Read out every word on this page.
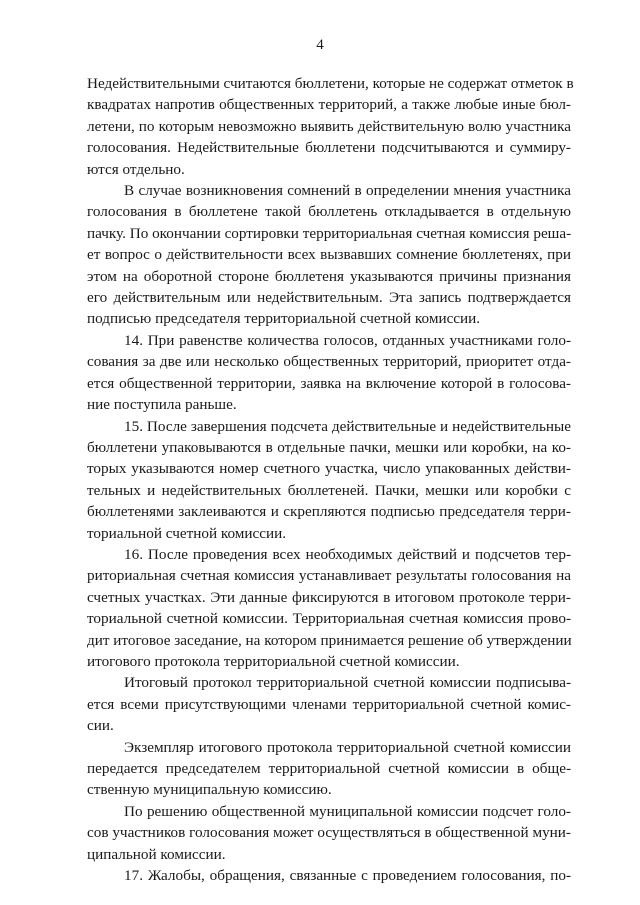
4
Недействительными считаются бюллетени, которые не содержат отметок в
квадратах напротив общественных территорий, а также любые иные бюл-
летени, по которым невозможно выявить действительную волю участника
голосования. Недействительные бюллетени подсчитываются и суммиру-
ются отдельно.
В случае возникновения сомнений в определении мнения участника
голосования в бюллетене такой бюллетень откладывается в отдельную
пачку. По окончании сортировки территориальная счетная комиссия реша-
ет вопрос о действительности всех вызвавших сомнение бюллетенях, при
этом на оборотной стороне бюллетеня указываются причины признания
его действительным или недействительным. Эта запись подтверждается
подписью председателя территориальной счетной комиссии.
14. При равенстве количества голосов, отданных участниками голо-
сования за две или несколько общественных территорий, приоритет отда-
ется общественной территории, заявка на включение которой в голосова-
ние поступила раньше.
15. После завершения подсчета действительные и недействительные
бюллетени упаковываются в отдельные пачки, мешки или коробки, на ко-
торых указываются номер счетного участка, число упакованных действи-
тельных и недействительных бюллетеней. Пачки, мешки или коробки с
бюллетенями заклеиваются и скрепляются подписью председателя терри-
ториальной счетной комиссии.
16. После проведения всех необходимых действий и подсчетов тер-
риториальная счетная комиссия устанавливает результаты голосования на
счетных участках. Эти данные фиксируются в итоговом протоколе терри-
ториальной счетной комиссии. Территориальная счетная комиссия прово-
дит итоговое заседание, на котором принимается решение об утверждении
итогового протокола территориальной счетной комиссии.
Итоговый протокол территориальной счетной комиссии подписыва-
ется всеми присутствующими членами территориальной счетной комис-
сии.
Экземпляр итогового протокола территориальной счетной комиссии
передается председателем территориальной счетной комиссии в обще-
ственную муниципальную комиссию.
По решению общественной муниципальной комиссии подсчет голо-
сов участников голосования может осуществляться в общественной муни-
ципальной комиссии.
17. Жалобы, обращения, связанные с проведением голосования, по-
